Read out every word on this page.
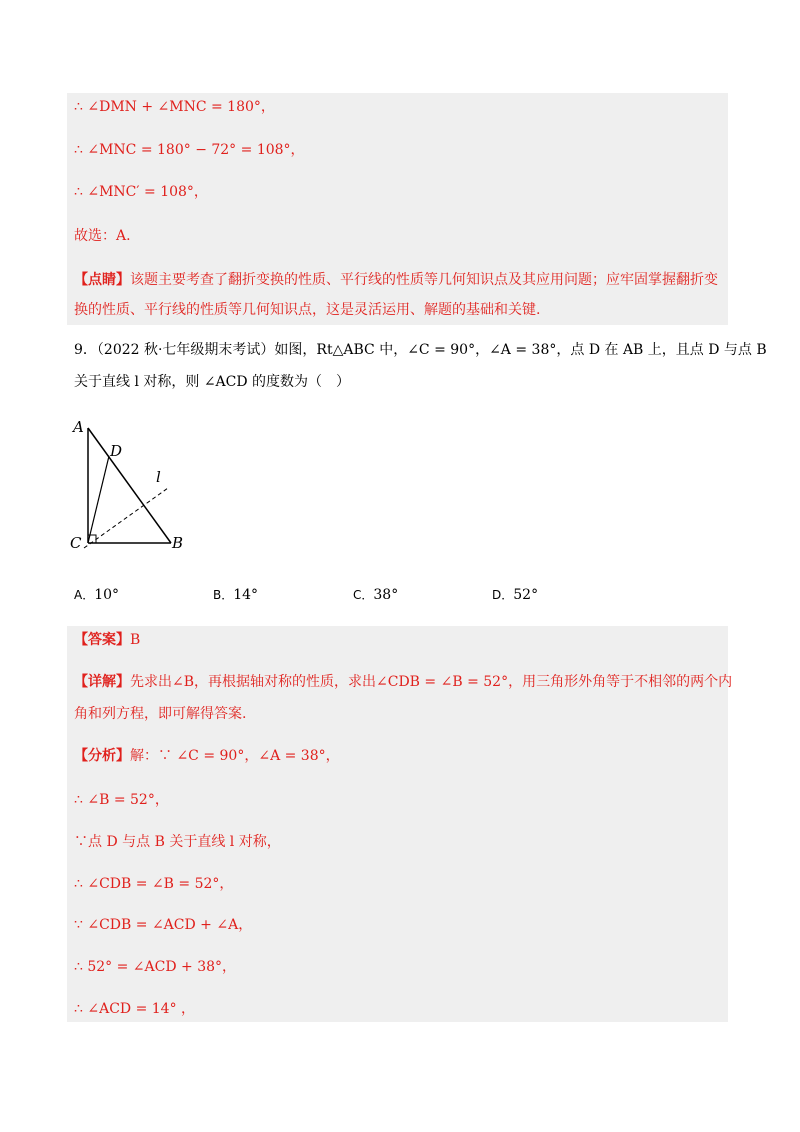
∴ ∠DMN + ∠MNC = 180°，
∴ ∠MNC = 180° − 72° = 108°，
∴ ∠MNC′ = 108°，
故选：A.
【点睛】该题主要考查了翻折变换的性质、平行线的性质等几何知识点及其应用问题；应牢固掌握翻折变
换的性质、平行线的性质等几何知识点，这是灵活运用、解题的基础和关键.
9．（2022 秋·七年级期末考试）如图，Rt△ABC 中，∠C = 90°，∠A = 38°，点 D 在 AB 上，且点 D 与点 B
关于直线 l 对称，则 ∠ACD 的度数为（　）
A
D
l
C	B
A．10°	B．14°	C．38°	D．52°
【答案】B
【详解】先求出∠B，再根据轴对称的性质，求出∠CDB = ∠B = 52°，用三角形外角等于不相邻的两个内
角和列方程，即可解得答案.
【分析】解：∵ ∠C = 90°，∠A = 38°，
∴ ∠B = 52°，
∵点 D 与点 B 关于直线 l 对称，
∴ ∠CDB = ∠B = 52°，
∵ ∠CDB = ∠ACD + ∠A，
∴ 52° = ∠ACD + 38°，
∴ ∠ACD = 14° ，
